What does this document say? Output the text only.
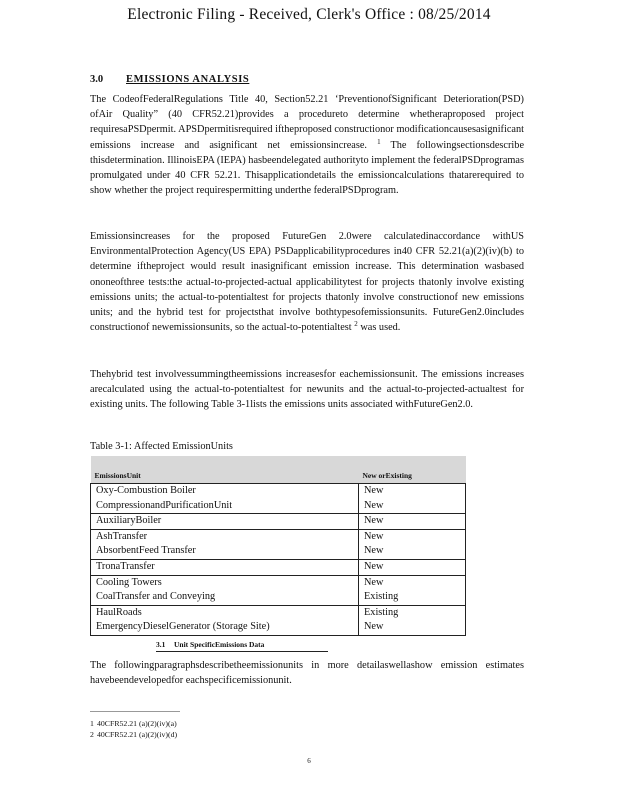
Electronic Filing - Received, Clerk's Office : 08/25/2014
3.0 EMISSIONS ANALYSIS
The CodeofFederalRegulations Title 40, Section52.21 ‘PreventionofSignificant Deterioration(PSD) ofAir Quality” (40 CFR52.21)provides a procedureto determine whetheraproposed project requiresaPSDpermit. APSDpermitisrequired iftheproposed constructionor modificationcausesasignificant emissions increase and asignificant net emissionsincrease. $^1$ The followingsectionsdescribe thisdetermination. IllinoisEPA (IEPA) hasbeendelegated authorityto implement the federalPSDprogramas promulgated under 40 CFR 52.21. Thisapplicationdetails the emissioncalculations thatarerequired to show whether the project requirespermitting underthe federalPSDprogram.
Emissionsincreases for the proposed FutureGen 2.0were calculatedinaccordance withUS EnvironmentalProtection Agency(US EPA) PSDapplicabilityprocedures in40 CFR 52.21(a)(2)(iv)(b) to determine iftheproject would result inasignificant emission increase. This determination wasbased ononeofthree tests:the actual-to-projected-actual applicabilitytest for projects thatonly involve existing emissions units; the actual-to-potentialtest for projects thatonly involve constructionof new emissions units; and the hybrid test for projectsthat involve bothtypesofemissionsunits. FutureGen2.0includes constructionof newemissionsunits, so the actual-to-potentialtest $^2$ was used.
Thehybrid test involvessummingtheemissions increasesfor eachemissionsunit. The emissions increases arecalculated using the actual-to-potentialtest for newunits and the actual-to-projected-actualtest for existing units. The following Table 3-1lists the emissions units associated withFutureGen2.0.
Table 3-1: Affected EmissionUnits
EmissionsUnit	New orExisting
Oxy-Combustion Boiler	New
CompressionandPurificationUnit	New
AuxiliaryBoiler	New
AshTransfer	New
AbsorbentFeed Transfer	New
TronaTransfer	New
Cooling Towers	New
CoalTransfer and Conveying	Existing
HaulRoads	Existing
EmergencyDieselGenerator (Storage Site)	New
3.1 Unit SpecificEmissions Data
The followingparagraphsdescribetheemissionunits in more detailaswellashow emission estimates havebeendevelopedfor eachspecificemissionunit.
1 40CFR52.21 (a)(2)(iv)(a)
2 40CFR52.21 (a)(2)(iv)(d)
6
